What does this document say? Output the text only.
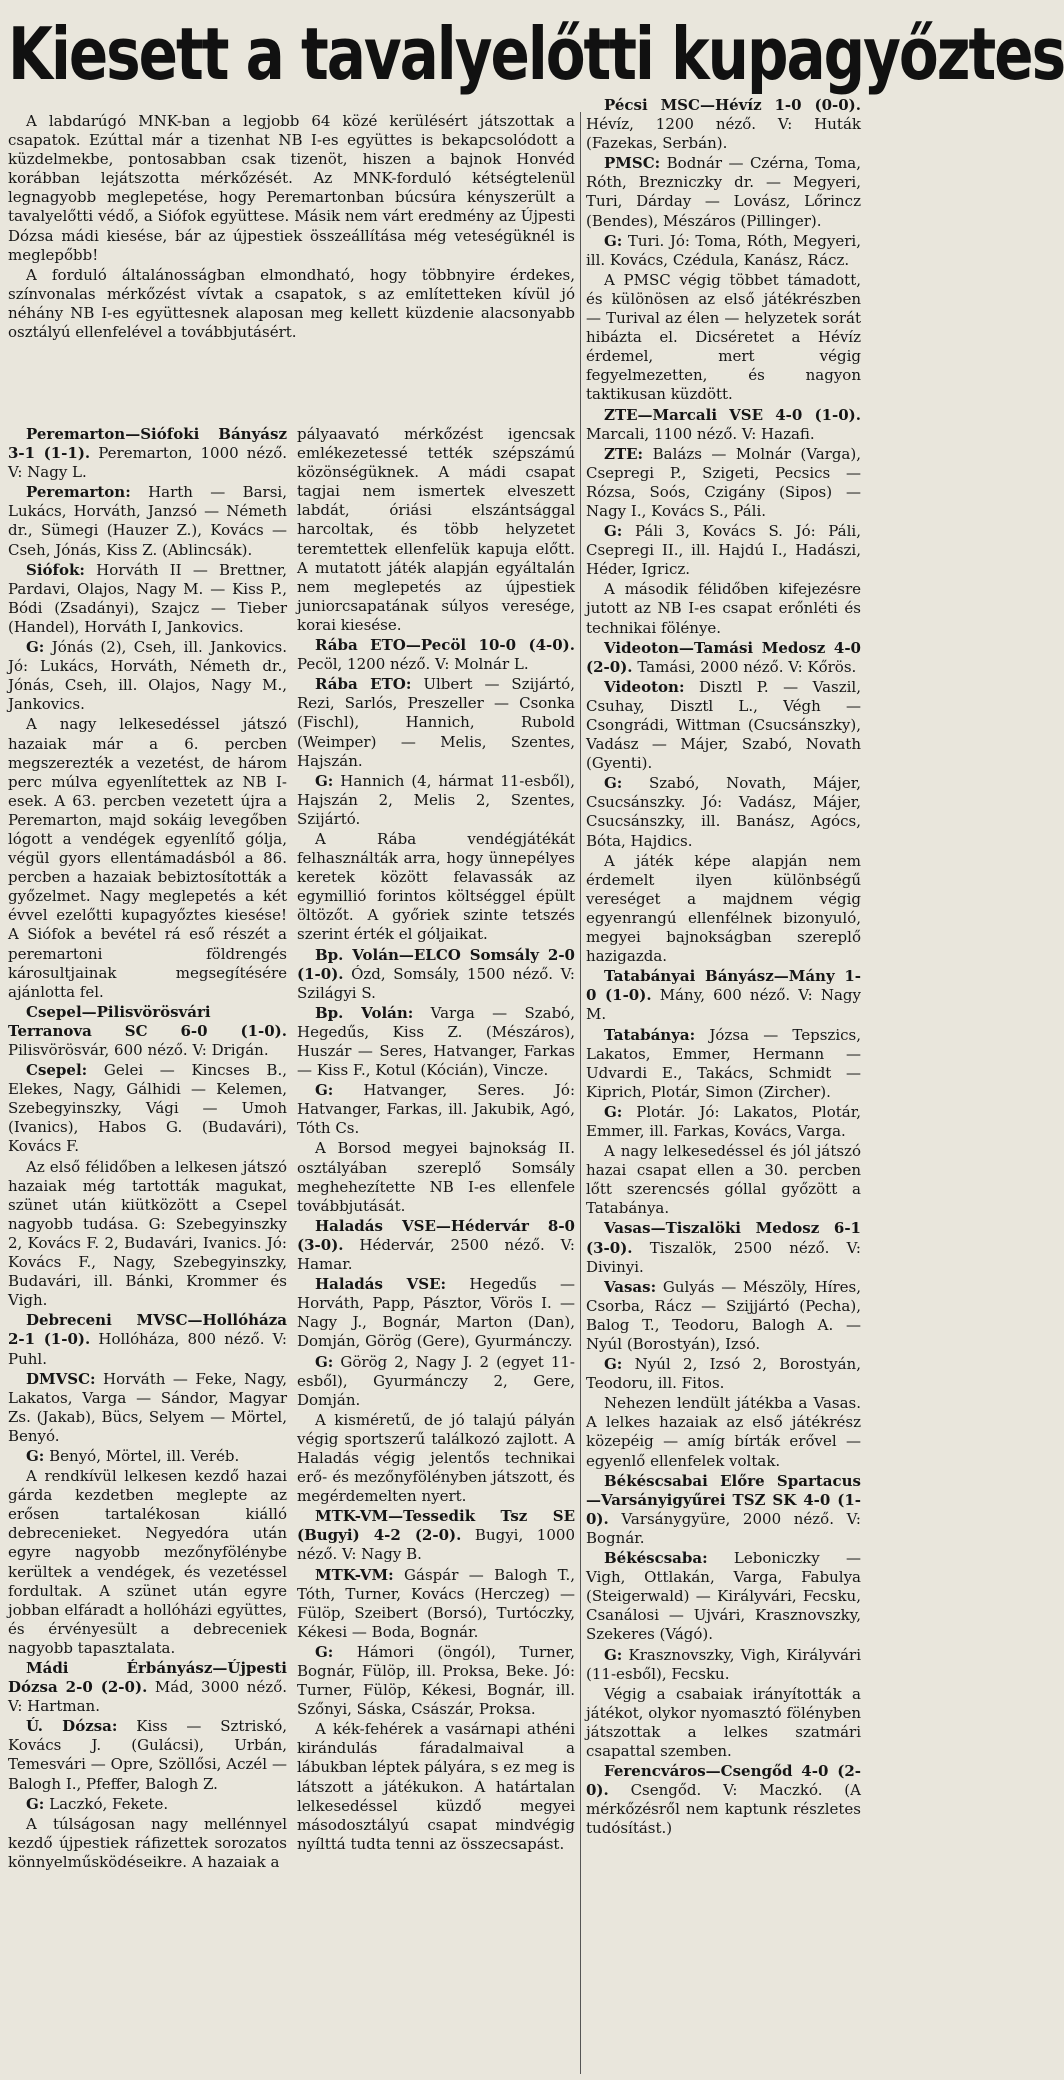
Kiesett a tavalyelőtti kupagyőztes

A labdarúgó MNK-ban a legjobb 64 közé kerülésért játszottak a csapatok. Ezúttal már a tizenhat NB I-es együttes is bekapcsolódott a küzdelmekbe, pontosabban csak tizenöt, hiszen a bajnok Honvéd korábban lejátszotta mérkőzését. Az MNK-forduló kétségtelenül legnagyobb meglepetése, hogy Peremartonban búcsúra kényszerült a tavalyelőtti védő, a Siófok együttese. Másik nem várt eredmény az Újpesti Dózsa mádi kiesése, bár az újpestiek összeállítása még veteségüknél is meglepőbb!

A forduló általánosságban elmondható, hogy többnyire érdekes, színvonalas mérkőzést vívtak a csapatok, s az említetteken kívül jó néhány NB I-es együttesnek alaposan meg kellett küzdenie alacsonyabb osztályú ellenfelével a továbbjutásért.

Peremarton—Siófoki Bányász 3-1 (1-1). Peremarton, 1000 néző. V: Nagy L.

Peremarton: Harth — Barsi, Lukács, Horváth, Janzsó — Németh dr., Sümegi (Hauzer Z.), Kovács — Cseh, Jónás, Kiss Z. (Ablincsák).

Siófok: Horváth II — Brettner, Pardavi, Olajos, Nagy M. — Kiss P., Bódi (Zsadányi), Szajcz — Tieber (Handel), Horváth I, Jankovics.

G: Jónás (2), Cseh, ill. Jankovics. Jó: Lukács, Horváth, Németh dr., Jónás, Cseh, ill. Olajos, Nagy M., Jankovics.

A nagy lelkesedéssel játszó hazaiak már a 6. percben megszerezték a vezetést, de három perc múlva egyenlítettek az NB I-esek. A 63. percben vezetett újra a Peremarton, majd sokáig levegőben lógott a vendégek egyenlítő gólja, végül gyors ellentámadásból a 86. percben a hazaiak bebiztosították a győzelmet. Nagy meglepetés a két évvel ezelőtti kupagyőztes kiesése! A Siófok a bevétel rá eső részét a peremartoni földrengés károsultjainak megsegítésére ajánlotta fel.

Csepel—Pilisvörösvári Terranova SC 6-0 (1-0). Pilisvörösvár, 600 néző. V: Drigán.

Csepel: Gelei — Kincses B., Elekes, Nagy, Gálhidi — Kelemen, Szebegyinszky, Vági — Umoh (Ivanics), Habos G. (Budavári), Kovács F.

Az első félidőben a lelkesen játszó hazaiak még tartották magukat, szünet után kiütközött a Csepel nagyobb tudása. G: Szebegyinszky 2, Kovács F. 2, Budavári, Ivanics. Jó: Kovács F., Nagy, Szebegyinszky, Budavári, ill. Bánki, Krommer és Vigh.

Debreceni MVSC—Hollóháza 2-1 (1-0). Hollóháza, 800 néző. V: Puhl.

DMVSC: Horváth — Feke, Nagy, Lakatos, Varga — Sándor, Magyar Zs. (Jakab), Bücs, Selyem — Mörtel, Benyó.

G: Benyó, Mörtel, ill. Veréb.

A rendkívül lelkesen kezdő hazai gárda kezdetben meglepte az erősen tartalékosan kiálló debrecenieket. Negyedóra után egyre nagyobb mezőnyfölénybe kerültek a vendégek, és vezetéssel fordultak. A szünet után egyre jobban elfáradt a hollóházi együttes, és érvényesült a debreceniek nagyobb tapasztalata.

Mádi Érbányász—Újpesti Dózsa 2-0 (2-0). Mád, 3000 néző. V: Hartman.

Ú. Dózsa: Kiss — Sztriskó, Kovács J. (Gulácsi), Urbán, Temesvári — Opre, Szöllősi, Aczél — Balogh I., Pfeffer, Balogh Z.

G: Laczkó, Fekete.

A túlságosan nagy mellénnyel kezdő újpestiek ráfizettek sorozatos könnyelműsködéseikre. A hazaiak a

pályaavató mérkőzést igencsak emlékezetessé tették szépszámú közönségüknek. A mádi csapat tagjai nem ismertek elveszett labdát, óriási elszántsággal harcoltak, és több helyzetet teremtettek ellenfelük kapuja előtt. A mutatott játék alapján egyáltalán nem meglepetés az újpestiek juniorcsapatának súlyos veresége, korai kiesése.

Rába ETO—Pecöl 10-0 (4-0). Pecöl, 1200 néző. V: Molnár L.

Rába ETO: Ulbert — Szijártó, Rezi, Sarlós, Preszeller — Csonka (Fischl), Hannich, Rubold (Weimper) — Melis, Szentes, Hajszán.

G: Hannich (4, hármat 11-esből), Hajszán 2, Melis 2, Szentes, Szijártó.

A Rába vendégjátékát felhasználták arra, hogy ünnepélyes keretek között felavassák az egymillió forintos költséggel épült öltözőt. A győriek szinte tetszés szerint érték el góljaikat.

Bp. Volán—ELCO Somsály 2-0 (1-0). Ózd, Somsály, 1500 néző. V: Szilágyi S.

Bp. Volán: Varga — Szabó, Hegedűs, Kiss Z. (Mészáros), Huszár — Seres, Hatvanger, Farkas — Kiss F., Kotul (Kócián), Vincze.

G: Hatvanger, Seres. Jó: Hatvanger, Farkas, ill. Jakubik, Agó, Tóth Cs.

A Borsod megyei bajnokság II. osztályában szereplő Somsály meghehezítette NB I-es ellenfele továbbjutását.

Haladás VSE—Hédervár 8-0 (3-0). Hédervár, 2500 néző. V: Hamar.

Haladás VSE: Hegedűs — Horváth, Papp, Pásztor, Vörös I. — Nagy J., Bognár, Marton (Dan), Domján, Görög (Gere), Gyurmánczy.

G: Görög 2, Nagy J. 2 (egyet 11-esből), Gyurmánczy 2, Gere, Domján.

A kisméretű, de jó talajú pályán végig sportszerű találkozó zajlott. A Haladás végig jelentős technikai erő- és mezőnyfölényben játszott, és megérdemelten nyert.

MTK-VM—Tessedik Tsz SE (Bugyi) 4-2 (2-0). Bugyi, 1000 néző. V: Nagy B.

MTK-VM: Gáspár — Balogh T., Tóth, Turner, Kovács (Herczeg) — Fülöp, Szeibert (Borsó), Turtóczky, Kékesi — Boda, Bognár.

G: Hámori (öngól), Turner, Bognár, Fülöp, ill. Proksa, Beke. Jó: Turner, Fülöp, Kékesi, Bognár, ill. Szőnyi, Sáska, Császár, Proksa.

A kék-fehérek a vasárnapi athéni kirándulás fáradalmaival a lábukban léptek pályára, s ez meg is látszott a játékukon. A határtalan lelkesedéssel küzdő megyei másodosztályú csapat mindvégig nyílttá tudta tenni az összecsapást.

Pécsi MSC—Hévíz 1-0 (0-0). Hévíz, 1200 néző. V: Huták (Fazekas, Serbán).

PMSC: Bodnár — Czérna, Toma, Róth, Brezniczky dr. — Megyeri, Turi, Dárday — Lovász, Lőrincz (Bendes), Mészáros (Pillinger).

G: Turi. Jó: Toma, Róth, Megyeri, ill. Kovács, Czédula, Kanász, Rácz.

A PMSC végig többet támadott, és különösen az első játékrészben — Turival az élen — helyzetek sorát hibázta el. Dicséretet a Hévíz érdemel, mert végig fegyelmezetten, és nagyon taktikusan küzdött.

ZTE—Marcali VSE 4-0 (1-0). Marcali, 1100 néző. V: Hazafi.

ZTE: Balázs — Molnár (Varga), Csepregi P., Szigeti, Pecsics — Rózsa, Soós, Czigány (Sipos) — Nagy I., Kovács S., Páli.

G: Páli 3, Kovács S. Jó: Páli, Csepregi II., ill. Hajdú I., Hadászi, Héder, Igricz.

A második félidőben kifejezésre jutott az NB I-es csapat erőnléti és technikai fölénye.

Videoton—Tamási Medosz 4-0 (2-0). Tamási, 2000 néző. V: Kőrös.

Videoton: Disztl P. — Vaszil, Csuhay, Disztl L., Végh — Csongrádi, Wittman (Csucsánszky), Vadász — Májer, Szabó, Novath (Gyenti).

G: Szabó, Novath, Májer, Csucsánszky. Jó: Vadász, Májer, Csucsánszky, ill. Banász, Agócs, Bóta, Hajdics.

A játék képe alapján nem érdemelt ilyen különbségű vereséget a majdnem végig egyenrangú ellenfélnek bizonyuló, megyei bajnokságban szereplő hazigazda.

Tatabányai Bányász—Mány 1-0 (1-0). Mány, 600 néző. V: Nagy M.

Tatabánya: Józsa — Tepszics, Lakatos, Emmer, Hermann — Udvardi E., Takács, Schmidt — Kiprich, Plotár, Simon (Zircher).

G: Plotár. Jó: Lakatos, Plotár, Emmer, ill. Farkas, Kovács, Varga.

A nagy lelkesedéssel és jól játszó hazai csapat ellen a 30. percben lőtt szerencsés góllal győzött a Tatabánya.

Vasas—Tiszalöki Medosz 6-1 (3-0). Tiszalök, 2500 néző. V: Divinyi.

Vasas: Gulyás — Mészöly, Híres, Csorba, Rácz — Szijjártó (Pecha), Balog T., Teodoru, Balogh A. — Nyúl (Borostyán), Izsó.

G: Nyúl 2, Izsó 2, Borostyán, Teodoru, ill. Fitos.

Nehezen lendült játékba a Vasas. A lelkes hazaiak az első játékrész közepéig — amíg bírták erővel — egyenlő ellenfelek voltak.

Békéscsabai Előre Spartacus—Varsányigyűrei TSZ SK 4-0 (1-0). Varsánygyüre, 2000 néző. V: Bognár.

Békéscsaba: Leboniczky — Vigh, Ottlakán, Varga, Fabulya (Steigerwald) — Királyvári, Fecsku, Csanálosi — Ujvári, Krasznovszky, Szekeres (Vágó).

G: Krasznovszky, Vigh, Királyvári (11-esből), Fecsku.

Végig a csabaiak irányították a játékot, olykor nyomasztó fölényben játszottak a lelkes szatmári csapattal szemben.

Ferencváros—Csengőd 4-0 (2-0). Csengőd. V: Maczkó. (A mérkőzésről nem kaptunk részletes tudósítást.)
